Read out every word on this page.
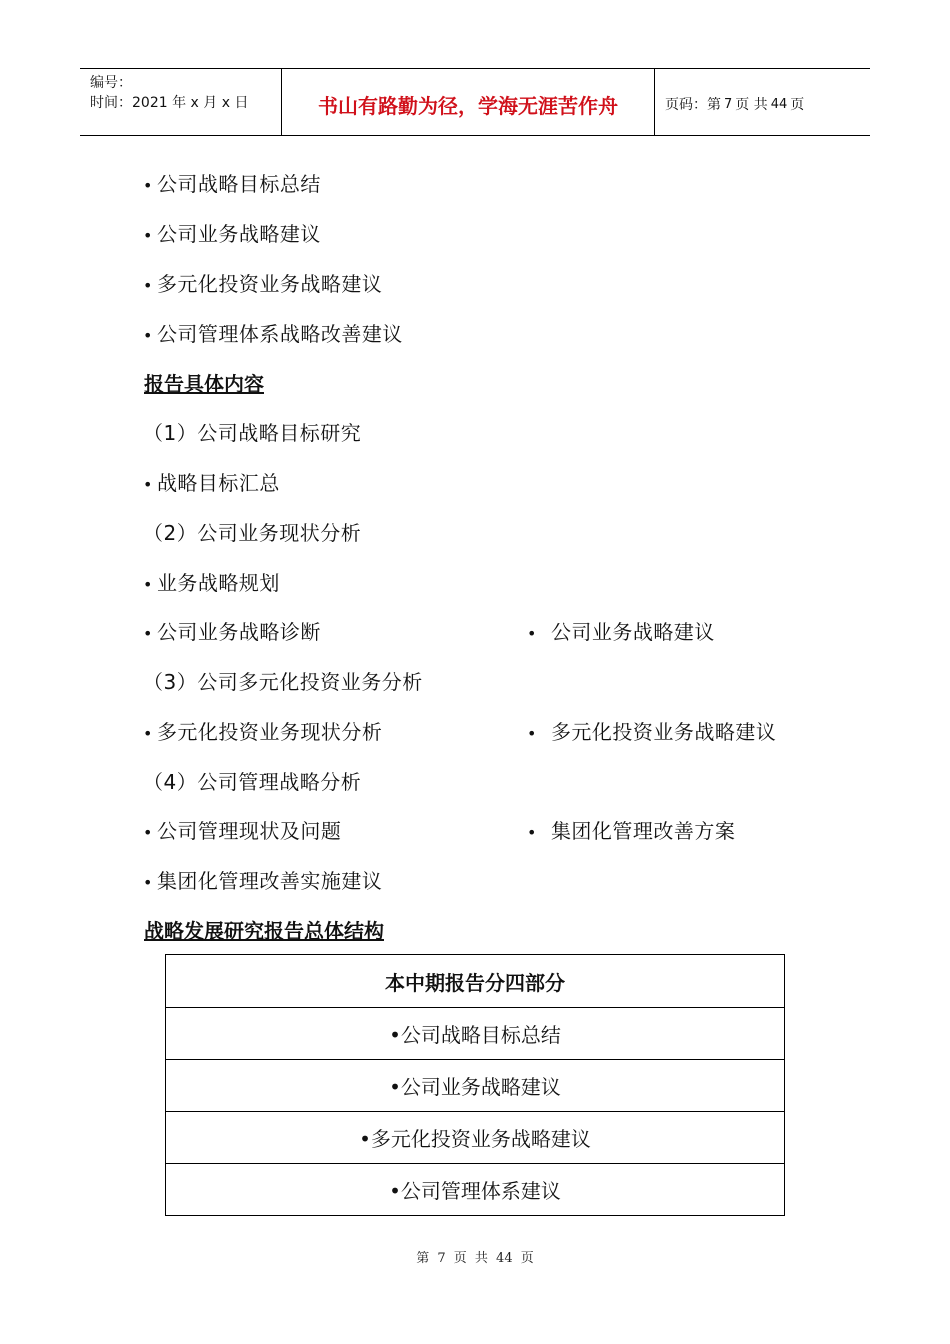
编号：
时间：2021 年 x 月 x 日	书山有路勤为径，学海无涯苦作舟	页码：第 7 页 共 44 页
• 公司战略目标总结
• 公司业务战略建议
• 多元化投资业务战略建议
• 公司管理体系战略改善建议
报告具体内容
（1）公司战略目标研究
• 战略目标汇总
（2）公司业务现状分析
• 业务战略规划
• 公司业务战略诊断	• 公司业务战略建议
（3）公司多元化投资业务分析
• 多元化投资业务现状分析	• 多元化投资业务战略建议
（4）公司管理战略分析
• 公司管理现状及问题	• 集团化管理改善方案
• 集团化管理改善实施建议
战略发展研究报告总体结构
本中期报告分四部分
•公司战略目标总结
•公司业务战略建议
•多元化投资业务战略建议
•公司管理体系建议
第 7 页 共 44 页
